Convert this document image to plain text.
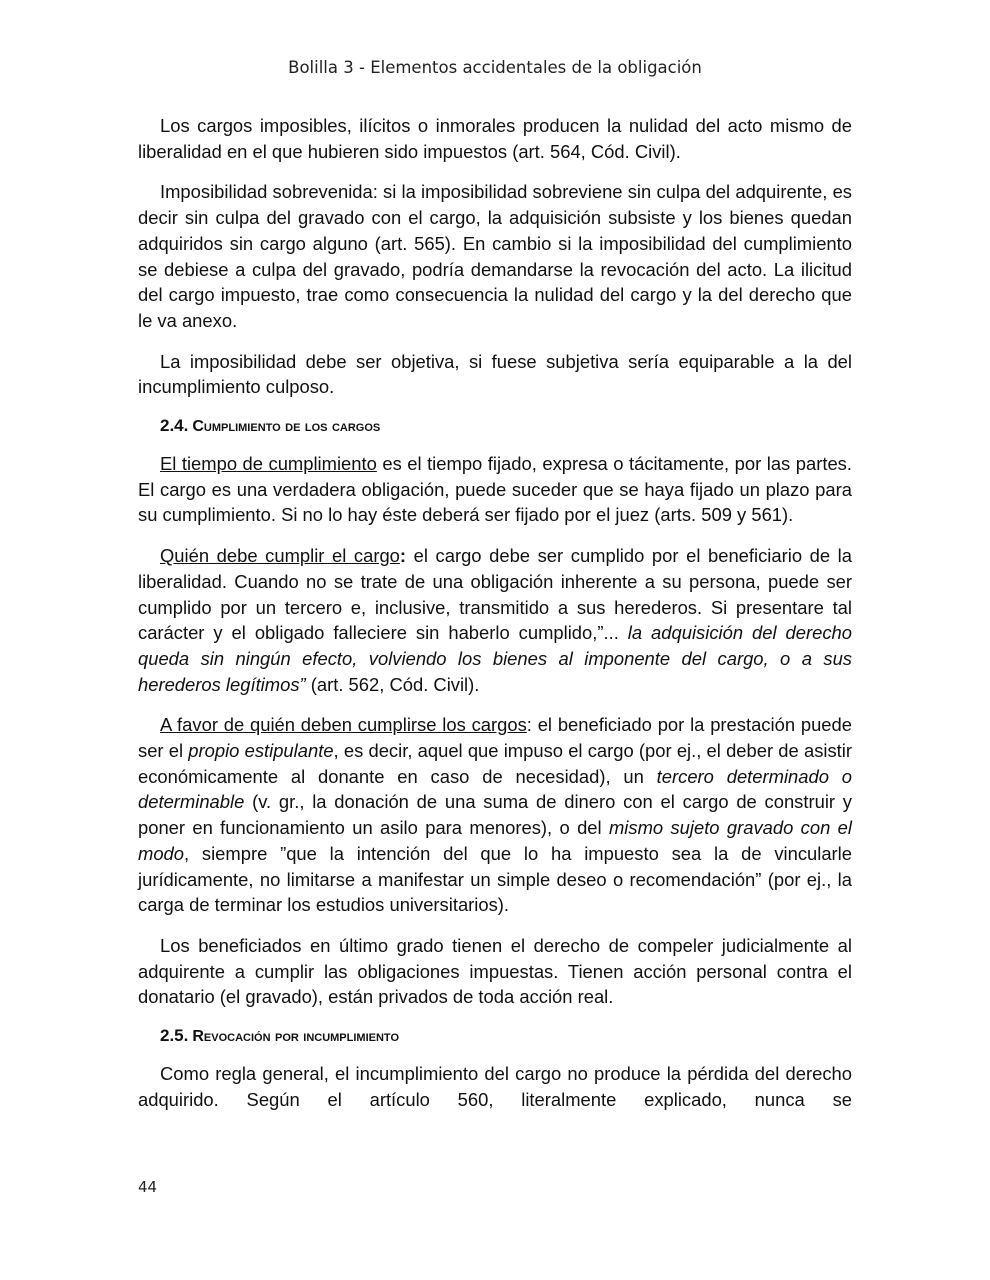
Bolilla 3 - Elementos accidentales de la obligación

Los cargos imposibles, ilícitos o inmorales producen la nulidad del acto mismo de liberalidad en el que hubieren sido impuestos (art. 564, Cód. Civil).

Imposibilidad sobrevenida: si la imposibilidad sobreviene sin culpa del adquirente, es decir sin culpa del gravado con el cargo, la adquisición subsiste y los bienes quedan adquiridos sin cargo alguno (art. 565). En cambio si la imposibilidad del cumplimiento se debiese a culpa del gravado, podría demandarse la revocación del acto. La ilicitud del cargo impuesto, trae como consecuencia la nulidad del cargo y la del derecho que le va anexo.

La imposibilidad debe ser objetiva, si fuese subjetiva sería equiparable a la del incumplimiento culposo.

2.4. Cumplimiento de los cargos

El tiempo de cumplimiento es el tiempo fijado, expresa o tácitamente, por las partes. El cargo es una verdadera obligación, puede suceder que se haya fijado un plazo para su cumplimiento. Si no lo hay éste deberá ser fijado por el juez (arts. 509 y 561).

Quién debe cumplir el cargo: el cargo debe ser cumplido por el beneficiario de la liberalidad. Cuando no se trate de una obligación inherente a su persona, puede ser cumplido por un tercero e, inclusive, transmitido a sus herederos. Si presentare tal carácter y el obligado falleciere sin haberlo cumplido,”... la adquisición del derecho queda sin ningún efecto, volviendo los bienes al imponente del cargo, o a sus herederos legítimos” (art. 562, Cód. Civil).

A favor de quién deben cumplirse los cargos: el beneficiado por la prestación puede ser el propio estipulante, es decir, aquel que impuso el cargo (por ej., el deber de asistir económicamente al donante en caso de necesidad), un tercero determinado o determinable (v. gr., la donación de una suma de dinero con el cargo de construir y poner en funcionamiento un asilo para menores), o del mismo sujeto gravado con el modo, siempre ”que la intención del que lo ha impuesto sea la de vincularle jurídicamente, no limitarse a manifestar un simple deseo o recomendación” (por ej., la carga de terminar los estudios universitarios).

Los beneficiados en último grado tienen el derecho de compeler judicialmente al adquirente a cumplir las obligaciones impuestas. Tienen acción personal contra el donatario (el gravado), están privados de toda acción real.

2.5. Revocación por incumplimiento

Como regla general, el incumplimiento del cargo no produce la pérdida del derecho adquirido. Según el artículo 560, literalmente explicado, nunca se

44
